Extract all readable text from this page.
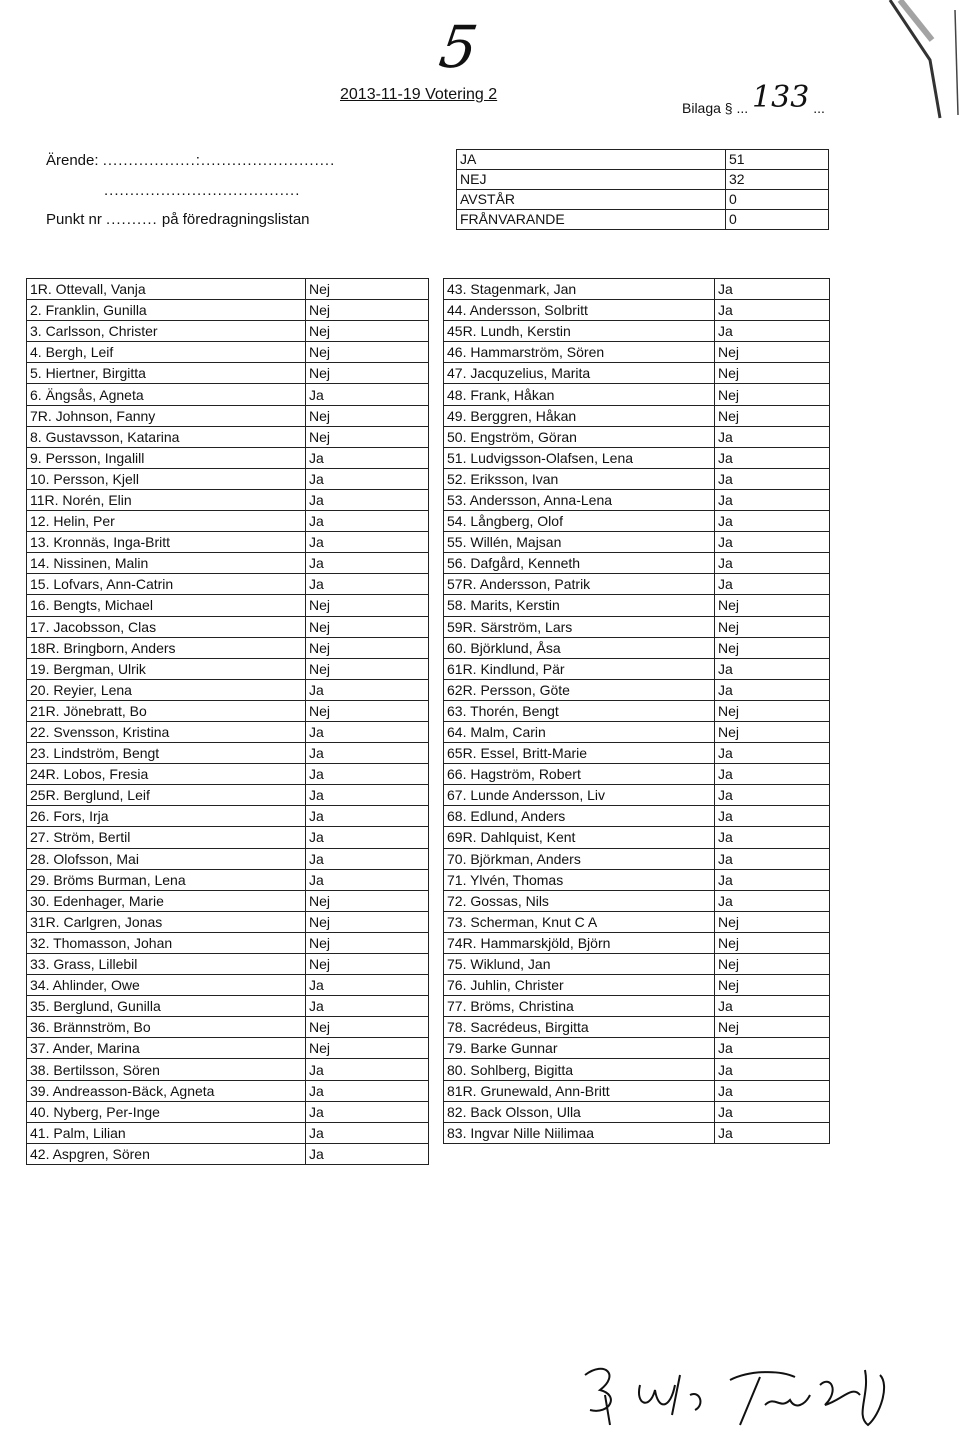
5
2013-11-19 Votering 2
Bilaga § ... 133 ...
Ärende: ..................:..........................
......................................
Punkt nr .......... på föredragningslistan
JA	51
NEJ	32
AVSTÅR	0
FRÅNVARANDE	0
1R. Ottevall, Vanja	Nej
2. Franklin, Gunilla	Nej
3. Carlsson, Christer	Nej
4. Bergh, Leif	Nej
5. Hiertner, Birgitta	Nej
6. Ängsås, Agneta	Ja
7R. Johnson, Fanny	Nej
8. Gustavsson, Katarina	Nej
9. Persson, Ingalill	Ja
10. Persson, Kjell	Ja
11R. Norén, Elin	Ja
12. Helin, Per	Ja
13. Kronnäs, Inga-Britt	Ja
14. Nissinen, Malin	Ja
15. Lofvars, Ann-Catrin	Ja
16. Bengts, Michael	Nej
17. Jacobsson, Clas	Nej
18R. Bringborn, Anders	Nej
19. Bergman, Ulrik	Nej
20. Reyier, Lena	Ja
21R. Jönebratt, Bo	Nej
22. Svensson, Kristina	Ja
23. Lindström, Bengt	Ja
24R. Lobos, Fresia	Ja
25R. Berglund, Leif	Ja
26. Fors, Irja	Ja
27. Ström, Bertil	Ja
28. Olofsson, Mai	Ja
29. Bröms Burman, Lena	Ja
30. Edenhager, Marie	Nej
31R. Carlgren, Jonas	Nej
32. Thomasson, Johan	Nej
33. Grass, Lillebil	Nej
34. Ahlinder, Owe	Ja
35. Berglund, Gunilla	Ja
36. Brännström, Bo	Nej
37. Ander, Marina	Nej
38. Bertilsson, Sören	Ja
39. Andreasson-Bäck, Agneta	Ja
40. Nyberg, Per-Inge	Ja
41. Palm, Lilian	Ja
42. Aspgren, Sören	Ja
43. Stagenmark, Jan	Ja
44. Andersson, Solbritt	Ja
45R. Lundh, Kerstin	Ja
46. Hammarström, Sören	Nej
47. Jacquzelius, Marita	Nej
48. Frank, Håkan	Nej
49. Berggren, Håkan	Nej
50. Engström, Göran	Ja
51. Ludvigsson-Olafsen, Lena	Ja
52. Eriksson, Ivan	Ja
53. Andersson, Anna-Lena	Ja
54. Långberg, Olof	Ja
55. Willén, Majsan	Ja
56. Dafgård, Kenneth	Ja
57R. Andersson, Patrik	Ja
58. Marits, Kerstin	Nej
59R. Särström, Lars	Nej
60. Björklund, Åsa	Nej
61R. Kindlund, Pär	Ja
62R. Persson, Göte	Ja
63. Thorén, Bengt	Nej
64. Malm, Carin	Nej
65R. Essel, Britt-Marie	Ja
66. Hagström, Robert	Ja
67. Lunde Andersson, Liv	Ja
68. Edlund, Anders	Ja
69R. Dahlquist, Kent	Ja
70. Björkman, Anders	Ja
71. Ylvén, Thomas	Ja
72. Gossas, Nils	Ja
73. Scherman, Knut C A	Nej
74R. Hammarskjöld, Björn	Nej
75. Wiklund, Jan	Nej
76. Juhlin, Christer	Nej
77. Bröms, Christina	Ja
78. Sacrédeus, Birgitta	Nej
79. Barke Gunnar	Ja
80. Sohlberg, Bigitta	Ja
81R. Grunewald, Ann-Britt	Ja
82. Back Olsson, Ulla	Ja
83. Ingvar Nille Niilimaa	Ja
